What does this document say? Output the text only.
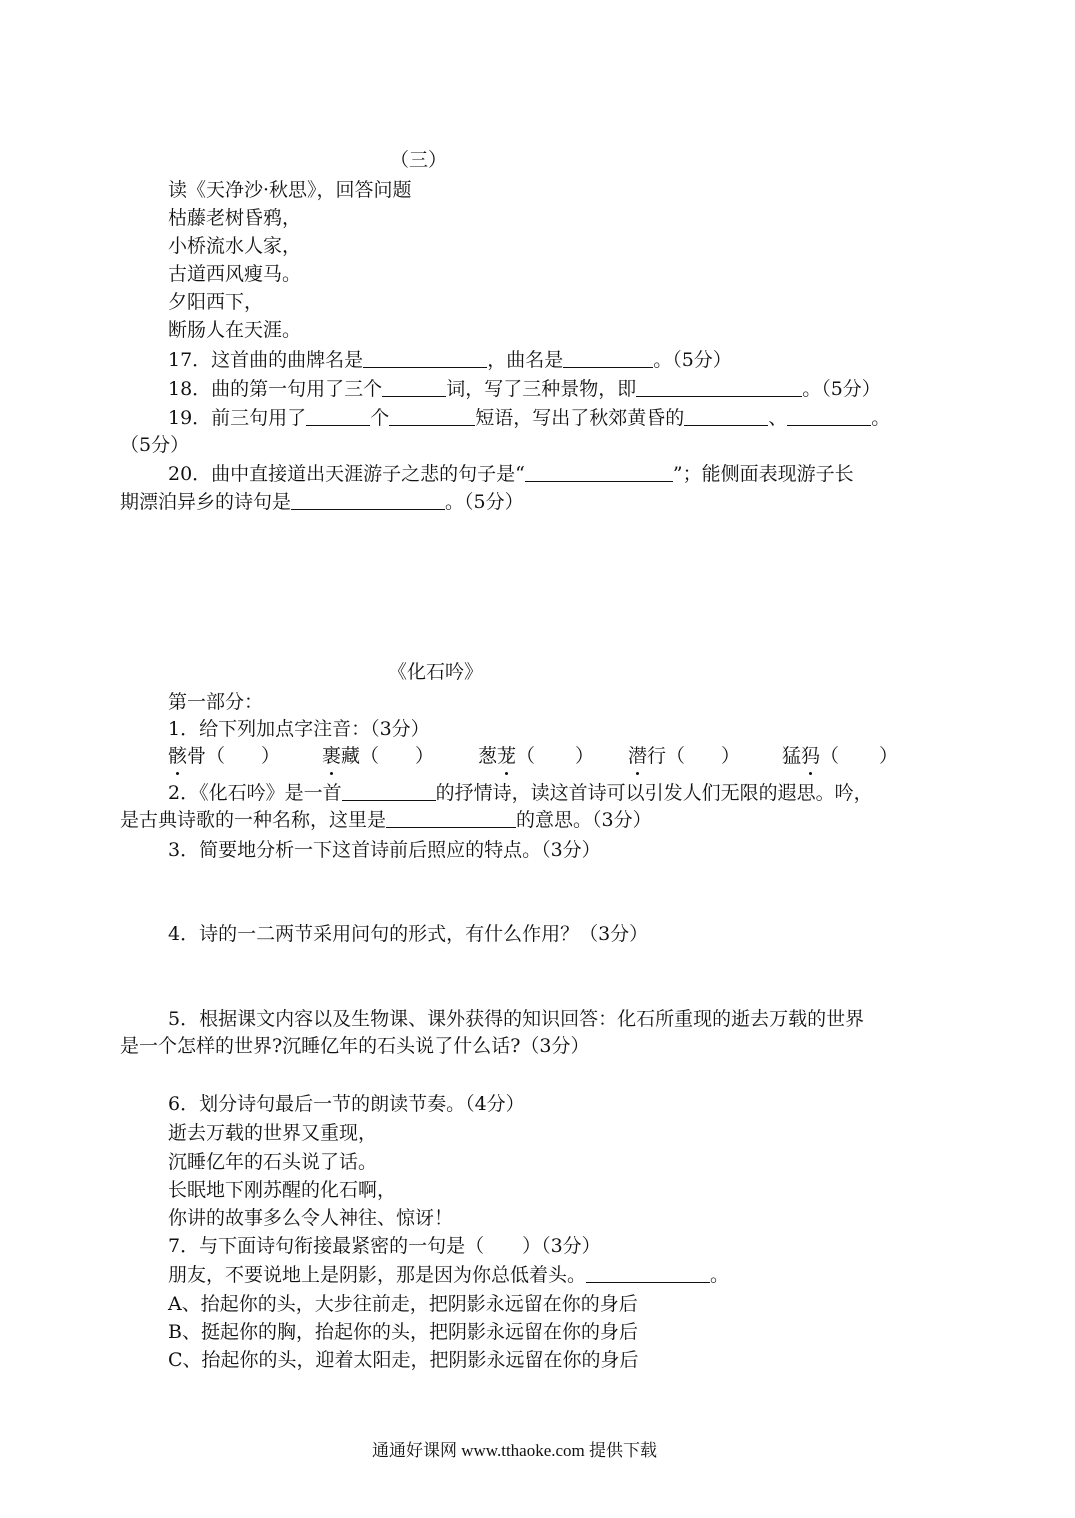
（三）
读《天净沙·秋思》，回答问题
枯藤老树昏鸦，
小桥流水人家，
古道西风瘦马。
夕阳西下，
断肠人在天涯。
17．这首曲的曲牌名是	，曲名是	。（5分）
18．曲的第一句用了三个	词，写了三种景物，即	。（5分）
19．前三句用了	个	短语，写出了秋郊黄昏的	、	。
（5分）
20．曲中直接道出天涯游子之悲的句子是“	”；能侧面表现游子长
期漂泊异乡的诗句是	。（5分）
《化石吟》
第一部分：
1．给下列加点字注音：（3分）
骸骨（ ） 裹藏（ ） 葱茏（ ） 潜行（ ） 猛犸（ ）
2．《化石吟》是一首	的抒情诗，读这首诗可以引发人们无限的遐思。吟，
是古典诗歌的一种名称，这里是	的意思。（3分）
3．简要地分析一下这首诗前后照应的特点。（3分）
4．诗的一二两节采用问句的形式，有什么作用？（3分）
5．根据课文内容以及生物课、课外获得的知识回答：化石所重现的逝去万载的世界
是一个怎样的世界?沉睡亿年的石头说了什么话?（3分）
6．划分诗句最后一节的朗读节奏。（4分）
逝去万载的世界又重现，
沉睡亿年的石头说了话。
长眠地下刚苏醒的化石啊，
你讲的故事多么令人神往、惊讶！
7．与下面诗句衔接最紧密的一句是（　　）（3分）
朋友，不要说地上是阴影，那是因为你总低着头。	。
A、抬起你的头，大步往前走，把阴影永远留在你的身后
B、挺起你的胸，抬起你的头，把阴影永远留在你的身后
C、抬起你的头，迎着太阳走，把阴影永远留在你的身后
通通好课网 www.tthaoke.com 提供下载
